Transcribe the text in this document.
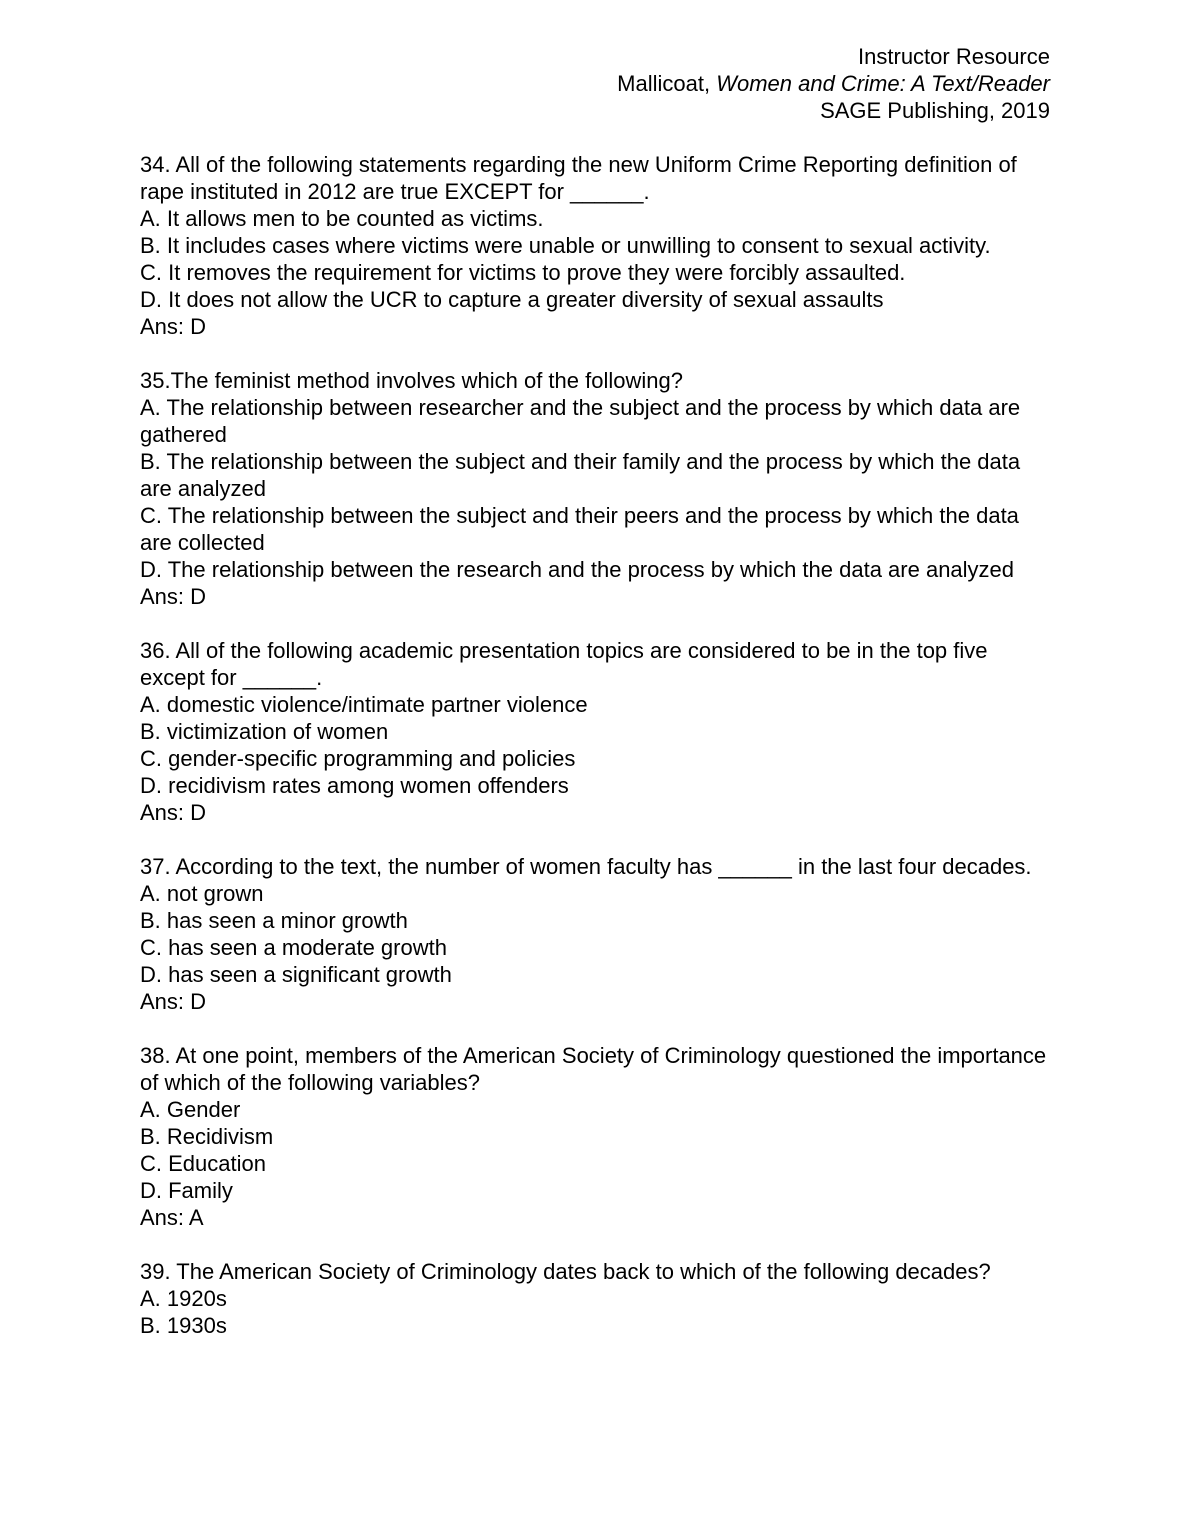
Instructor Resource
Mallicoat, Women and Crime: A Text/Reader
SAGE Publishing, 2019
34. All of the following statements regarding the new Uniform Crime Reporting definition of rape instituted in 2012 are true EXCEPT for ______.
A. It allows men to be counted as victims.
B. It includes cases where victims were unable or unwilling to consent to sexual activity.
C. It removes the requirement for victims to prove they were forcibly assaulted.
D. It does not allow the UCR to capture a greater diversity of sexual assaults
Ans: D
35.The feminist method involves which of the following?
A. The relationship between researcher and the subject and the process by which data are gathered
B. The relationship between the subject and their family and the process by which the data are analyzed
C. The relationship between the subject and their peers and the process by which the data are collected
D. The relationship between the research and the process by which the data are analyzed
Ans: D
36. All of the following academic presentation topics are considered to be in the top five except for ______.
A. domestic violence/intimate partner violence
B. victimization of women
C. gender-specific programming and policies
D. recidivism rates among women offenders
Ans: D
37. According to the text, the number of women faculty has ______ in the last four decades.
A. not grown
B. has seen a minor growth
C. has seen a moderate growth
D. has seen a significant growth
Ans: D
38. At one point, members of the American Society of Criminology questioned the importance of which of the following variables?
A. Gender
B. Recidivism
C. Education
D. Family
Ans: A
39. The American Society of Criminology dates back to which of the following decades?
A. 1920s
B. 1930s
